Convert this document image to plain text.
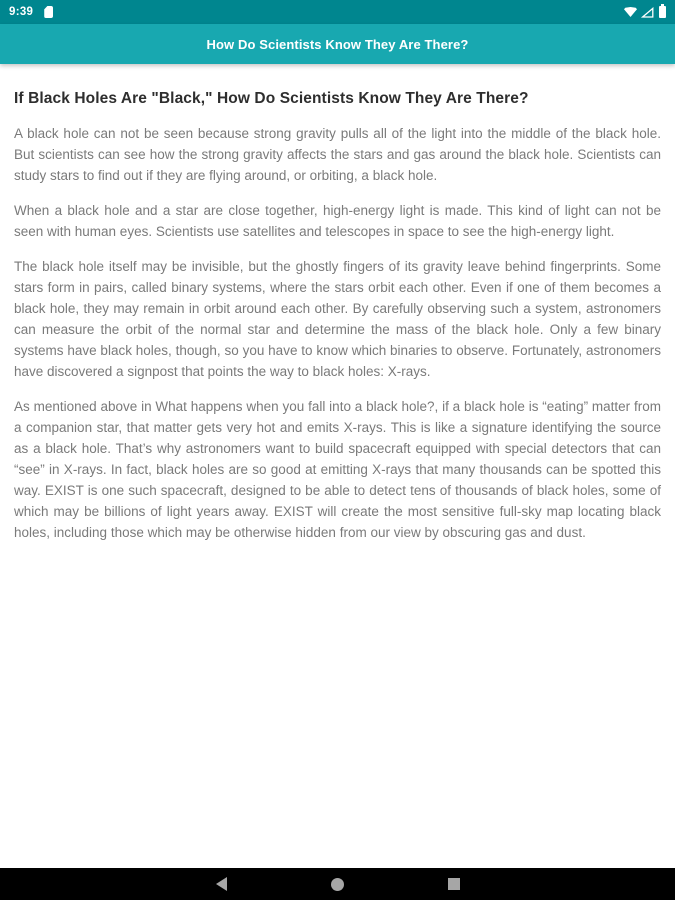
9:39
How Do Scientists Know They Are There?
If Black Holes Are "Black," How Do Scientists Know They Are There?

A black hole can not be seen because strong gravity pulls all of the light into the middle of the black hole. But scientists can see how the strong gravity affects the stars and gas around the black hole. Scientists can study stars to find out if they are flying around, or orbiting, a black hole.

When a black hole and a star are close together, high-energy light is made. This kind of light can not be seen with human eyes. Scientists use satellites and telescopes in space to see the high-energy light.

The black hole itself may be invisible, but the ghostly fingers of its gravity leave behind fingerprints. Some stars form in pairs, called binary systems, where the stars orbit each other. Even if one of them becomes a black hole, they may remain in orbit around each other. By carefully observing such a system, astronomers can measure the orbit of the normal star and determine the mass of the black hole. Only a few binary systems have black holes, though, so you have to know which binaries to observe. Fortunately, astronomers have discovered a signpost that points the way to black holes: X-rays.

As mentioned above in What happens when you fall into a black hole?, if a black hole is “eating” matter from a companion star, that matter gets very hot and emits X-rays. This is like a signature identifying the source as a black hole. That’s why astronomers want to build spacecraft equipped with special detectors that can “see” in X-rays. In fact, black holes are so good at emitting X-rays that many thousands can be spotted this way. EXIST is one such spacecraft, designed to be able to detect tens of thousands of black holes, some of which may be billions of light years away. EXIST will create the most sensitive full-sky map locating black holes, including those which may be otherwise hidden from our view by obscuring gas and dust.
